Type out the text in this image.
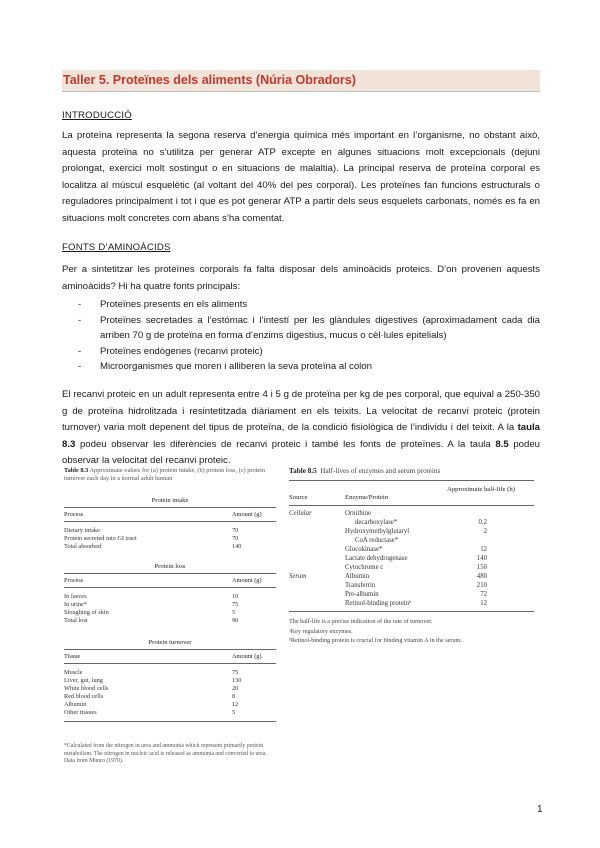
Taller 5. Proteïnes dels aliments (Núria Obradors)
INTRODUCCIÓ

La proteïna representa la segona reserva d’energia química més important en l’organisme, no obstant això, aquesta proteïna no s’utilitza per generar ATP excepte en algunes situacions molt excepcionals (dejuni prolongat, exercici molt sostingut o en situacions de malaltia). La principal reserva de proteïna corporal es localitza al múscul esquelètic (al voltant del 40% del pes corporal). Les proteïnes fan funcions estructurals o reguladores principalment i tot i que es pot generar ATP a partir dels seus esquelets carbonats, només es fa en situacions molt concretes com abans s’ha comentat.

FONTS D’AMINOÀCIDS

Per a sintetitzar les proteïnes corporals fa falta disposar dels aminoàcids proteics. D’on provenen aquests aminoàcids? Hi ha quatre fonts principals:

- Proteïnes presents en els aliments
- Proteïnes secretades a l’estómac i l’intestí per les glàndules digestives (aproximadament cada dia arriben 70 g de proteïna en forma d’enzims digestius, mucus o cèl·lules epitelials)
- Proteïnes endògenes (recanvi proteic)
- Microorganismes que moren i alliberen la seva proteïna al colon

El recanvi proteic en un adult representa entre 4 i 5 g de proteïna per kg de pes corporal, que equival a 250-350 g de proteïna hidrolitzada i resintetitzada diàriament en els teixits. La velocitat de recanvi proteic (protein turnover) varia molt depenent del tipus de proteïna, de la condició fisiològica de l’individu i del teixit. A la taula 8.3 podeu observar les diferències de recanvi proteic i també les fonts de proteïnes. A la taula 8.5 podeu observar la velocitat del recanvi proteic.

Table 8.3 Approximate values for (a) protein intake, (b) protein loss, (c) protein turnover each day in a normal adult human
Protein intake
Process	Amount (g)
Dietary intake	70
Protein secreted into GI tract	70
Total absorbed	140
Protein loss
Process	Amount (g)
In faeces	10
In urine*	75
Sloughing of skin	5
Total lost	90
Protein turnover
Tissue	Amount (g)
Muscle	75
Liver, gut, lung	130
White blood cells	20
Red blood cells	8
Albumin	12
Other tissues	5
*Calculated from the nitrogen in urea and ammonia which represent primarily protein metabolism. The nitrogen in nucleic acid is released as ammonia and converted to urea.
Data from Munro (1970).
Table 8.5 Half-lives of enzymes and serum proteins
Source	Enzyme/Protein
Approximate half-life (h)
Cellular	Ornithine
decarboxylase*	0.2
Hydroxymethylglutaryl	2
CoA reductase*
Glucokinase*	12
Lactate dehydrogenase	140
Cytochrome c	150
Serum	Albumin	480
Transferrin	210
Pre-albumin	72
Retinol-binding proteinᵇ	12
The half-life is a precise indication of the rate of turnover.
ᵃKey regulatory enzymes.
ᵇRetinol-binding protein is crucial for binding vitamin A in the serum.
1
